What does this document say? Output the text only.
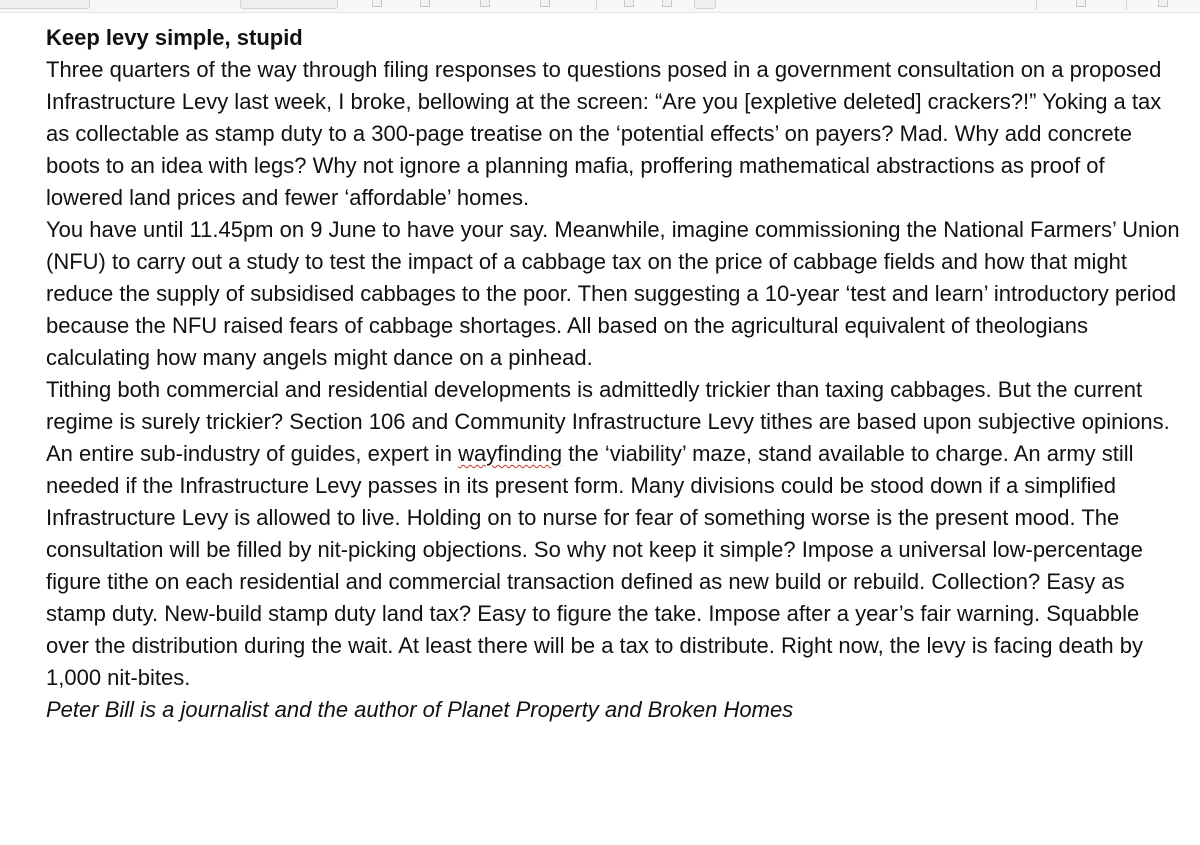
Keep levy simple, stupid

Three quarters of the way through filing responses to questions posed in a government consultation on a proposed Infrastructure Levy last week, I broke, bellowing at the screen: “Are you [expletive deleted] crackers?!” Yoking a tax as collectable as stamp duty to a 300-page treatise on the ‘potential effects’ on payers? Mad. Why add concrete boots to an idea with legs? Why not ignore a planning mafia, proffering mathematical abstractions as proof of lowered land prices and fewer ‘affordable’ homes.

You have until 11.45pm on 9 June to have your say. Meanwhile, imagine commissioning the National Farmers’ Union (NFU) to carry out a study to test the impact of a cabbage tax on the price of cabbage fields and how that might reduce the supply of subsidised cabbages to the poor. Then suggesting a 10-year ‘test and learn’ introductory period because the NFU raised fears of cabbage shortages. All based on the agricultural equivalent of theologians calculating how many angels might dance on a pinhead.

Tithing both commercial and residential developments is admittedly trickier than taxing cabbages. But the current regime is surely trickier? Section 106 and Community Infrastructure Levy tithes are based upon subjective opinions. An entire sub-industry of guides, expert in wayfinding the ‘viability’ maze, stand available to charge. An army still needed if the Infrastructure Levy passes in its present form. Many divisions could be stood down if a simplified Infrastructure Levy is allowed to live. Holding on to nurse for fear of something worse is the present mood. The consultation will be filled by nit-picking objections. So why not keep it simple? Impose a universal low-percentage figure tithe on each residential and commercial transaction defined as new build or rebuild. Collection? Easy as stamp duty. New-build stamp duty land tax? Easy to figure the take. Impose after a year’s fair warning. Squabble over the distribution during the wait. At least there will be a tax to distribute. Right now, the levy is facing death by 1,000 nit-bites.

Peter Bill is a journalist and the author of Planet Property and Broken Homes
